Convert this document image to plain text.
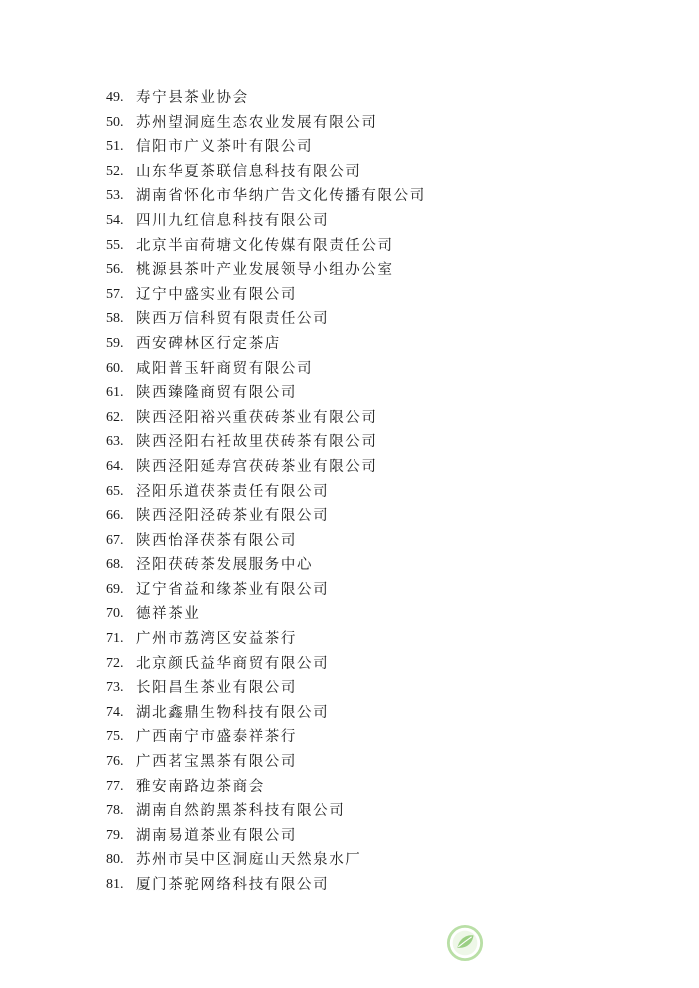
49. 寿宁县茶业协会
50. 苏州望洞庭生态农业发展有限公司
51. 信阳市广义茶叶有限公司
52. 山东华夏茶联信息科技有限公司
53. 湖南省怀化市华纳广告文化传播有限公司
54. 四川九红信息科技有限公司
55. 北京半亩荷塘文化传媒有限责任公司
56. 桃源县茶叶产业发展领导小组办公室
57. 辽宁中盛实业有限公司
58. 陕西万信科贸有限责任公司
59. 西安碑林区行定茶店
60. 咸阳普玉轩商贸有限公司
61. 陕西臻隆商贸有限公司
62. 陕西泾阳裕兴重茯砖茶业有限公司
63. 陕西泾阳右衽故里茯砖茶有限公司
64. 陕西泾阳延寿宫茯砖茶业有限公司
65. 泾阳乐道茯茶责任有限公司
66. 陕西泾阳泾砖茶业有限公司
67. 陕西怡泽茯茶有限公司
68. 泾阳茯砖茶发展服务中心
69. 辽宁省益和缘茶业有限公司
70. 德祥茶业
71. 广州市荔湾区安益茶行
72. 北京颜氏益华商贸有限公司
73. 长阳昌生茶业有限公司
74. 湖北鑫鼎生物科技有限公司
75. 广西南宁市盛泰祥茶行
76. 广西茗宝黑茶有限公司
77. 雅安南路边茶商会
78. 湖南自然韵黑茶科技有限公司
79. 湖南易道茶业有限公司
80. 苏州市吴中区洞庭山天然泉水厂
81. 厦门茶驼网络科技有限公司
